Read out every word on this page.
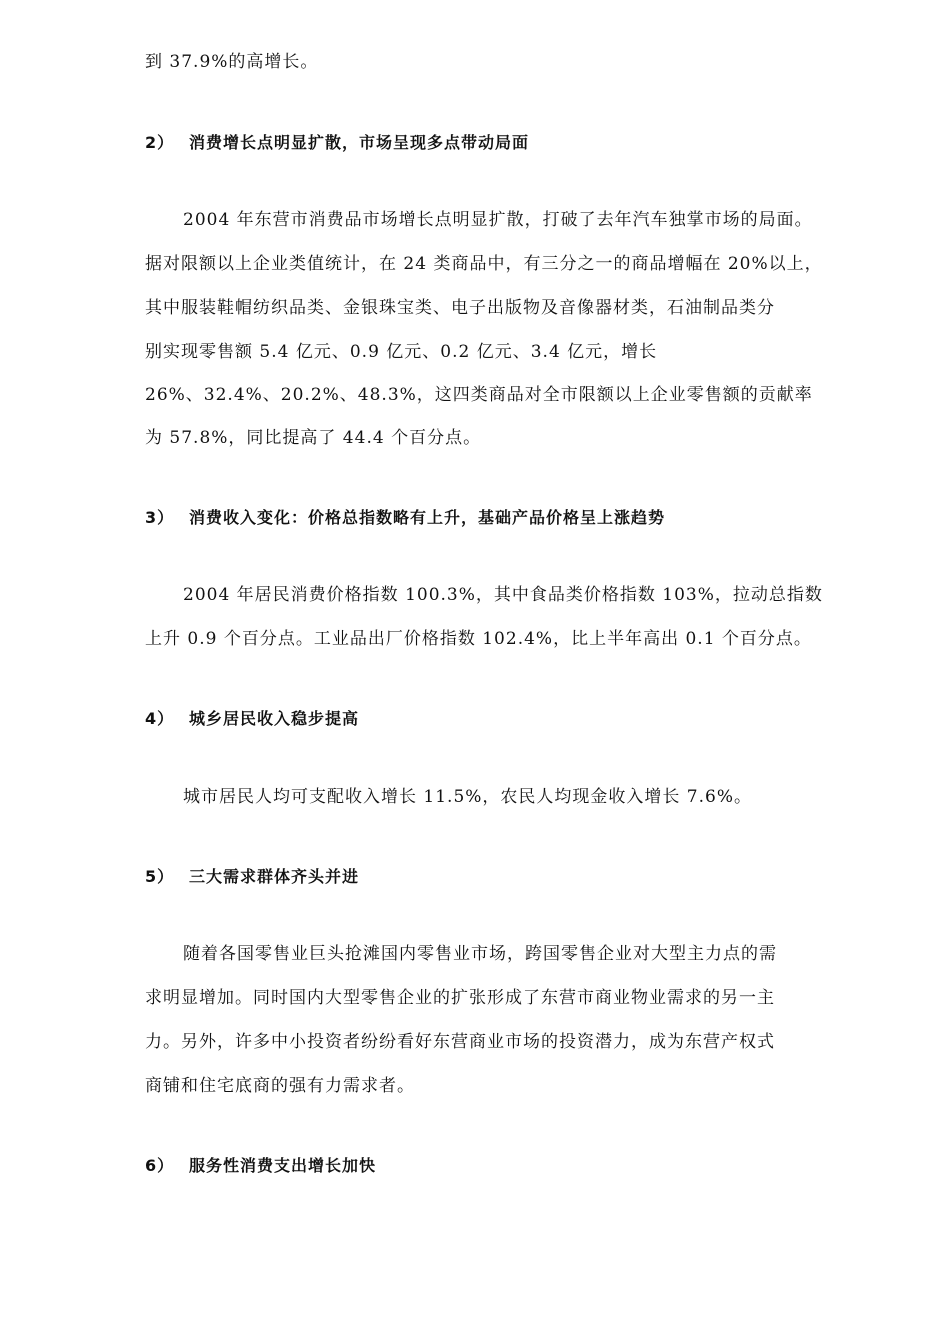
到 37.9%的高增长。
2） 消费增长点明显扩散，市场呈现多点带动局面
2004 年东营市消费品市场增长点明显扩散，打破了去年汽车独掌市场的局面。
据对限额以上企业类值统计，在 24 类商品中，有三分之一的商品增幅在 20%以上，
其中服装鞋帽纺织品类、金银珠宝类、电子出版物及音像器材类，石油制品类分
别实现零售额 5.4 亿元、0.9 亿元、0.2 亿元、3.4 亿元，增长
26%、32.4%、20.2%、48.3%，这四类商品对全市限额以上企业零售额的贡献率
为 57.8%，同比提高了 44.4 个百分点。
3） 消费收入变化：价格总指数略有上升，基础产品价格呈上涨趋势
2004 年居民消费价格指数 100.3%，其中食品类价格指数 103%，拉动总指数
上升 0.9 个百分点。工业品出厂价格指数 102.4%，比上半年高出 0.1 个百分点。
4） 城乡居民收入稳步提高
城市居民人均可支配收入增长 11.5%，农民人均现金收入增长 7.6%。
5） 三大需求群体齐头并进
随着各国零售业巨头抢滩国内零售业市场，跨国零售企业对大型主力点的需
求明显增加。同时国内大型零售企业的扩张形成了东营市商业物业需求的另一主
力。另外，许多中小投资者纷纷看好东营商业市场的投资潜力，成为东营产权式
商铺和住宅底商的强有力需求者。
6） 服务性消费支出增长加快
